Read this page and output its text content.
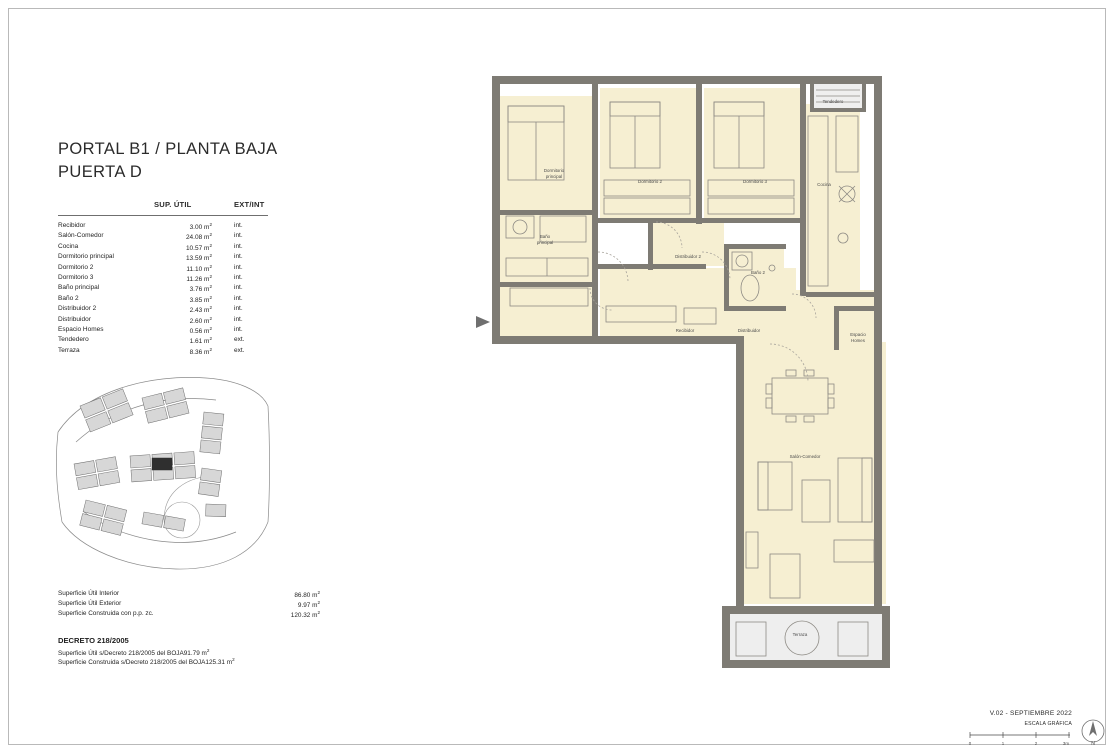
PORTAL B1 / PLANTA BAJA
PUERTA D
SUP. ÚTIL	EXT/INT
Recibidor	3.00 $m^2$	int.
Salón-Comedor	24.08 $m^2$	int.
Cocina	10.57 $m^2$	int.
Dormitorio principal	13.59 $m^2$	int.
Dormitorio 2	11.10 $m^2$	int.
Dormitorio 3	11.26 $m^2$	int.
Baño principal	3.76 $m^2$	int.
Baño 2	3.85 $m^2$	int.
Distribuidor 2	2.43 $m^2$	int.
Distribuidor	2.60 $m^2$	int.
Espacio Homes	0.56 $m^2$	int.
Tendedero	1.61 $m^2$	ext.
Terraza	8.36 $m^2$	ext.
Superficie Útil Interior	86.80 $m^2$
Superficie Útil Exterior	9.97 $m^2$
Superficie Construida con p.p. zc.	120.32 $m^2$
DECRETO 218/2005
Superficie Útil s/Decreto 218/2005 del BOJA91.79 $m^2$
Superficie Construida s/Decreto 218/2005 del BOJA125.31 $m^2$
Dormitorio
principal
Dormitorio 2	Dormitorio 3
Cocina
Tendedero
Baño
principal
Baño 2
Distribuidor 2
Distribuidor
Recibidor
Espacio
Homes
Salón-Comedor
Terraza
V.02 - SEPTIEMBRE 2022
ESCALA GRÁFICA
0	1	2	3m	N
